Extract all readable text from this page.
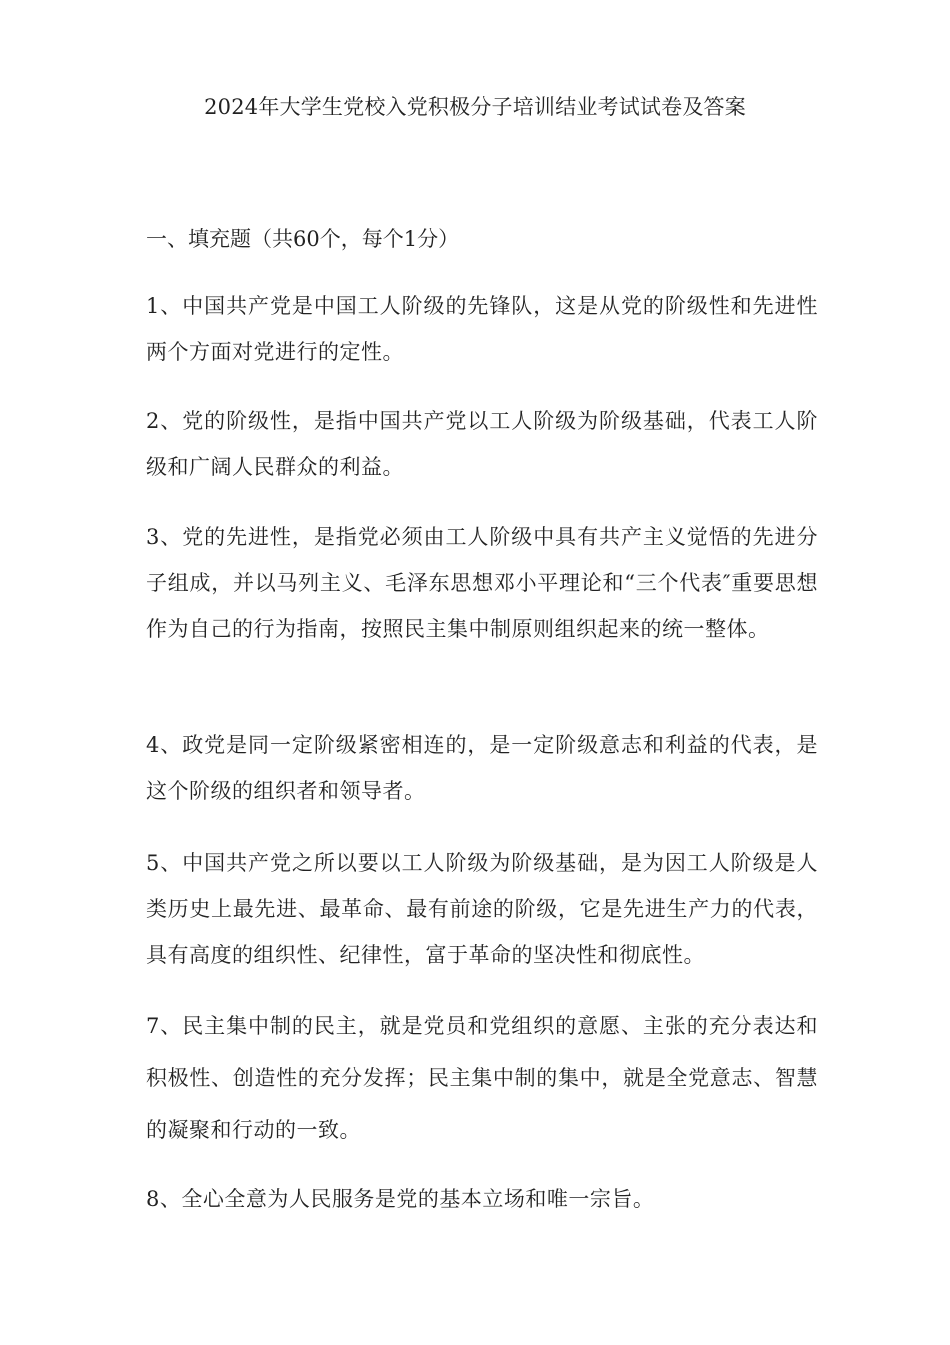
2024年大学生党校入党积极分子培训结业考试试卷及答案
一、填充题（共60个，每个1分）

1、中国共产党是中国工人阶级的先锋队，这是从党的阶级性和先进性两个方面对党进行的定性。

2、党的阶级性，是指中国共产党以工人阶级为阶级基础，代表工人阶级和广阔人民群众的利益。

3、党的先进性，是指党必须由工人阶级中具有共产主义觉悟的先进分子组成，并以马列主义、毛泽东思想邓小平理论和“三个代表″重要思想作为自己的行为指南，按照民主集中制原则组织起来的统一整体。

4、政党是同一定阶级紧密相连的，是一定阶级意志和利益的代表，是这个阶级的组织者和领导者。

5、中国共产党之所以要以工人阶级为阶级基础，是为因工人阶级是人类历史上最先进、最革命、最有前途的阶级，它是先进生产力的代表，具有高度的组织性、纪律性，富于革命的坚决性和彻底性。

7、民主集中制的民主，就是党员和党组织的意愿、主张的充分表达和积极性、创造性的充分发挥；民主集中制的集中，就是全党意志、智慧的凝聚和行动的一致。

8、全心全意为人民服务是党的基本立场和唯一宗旨。
